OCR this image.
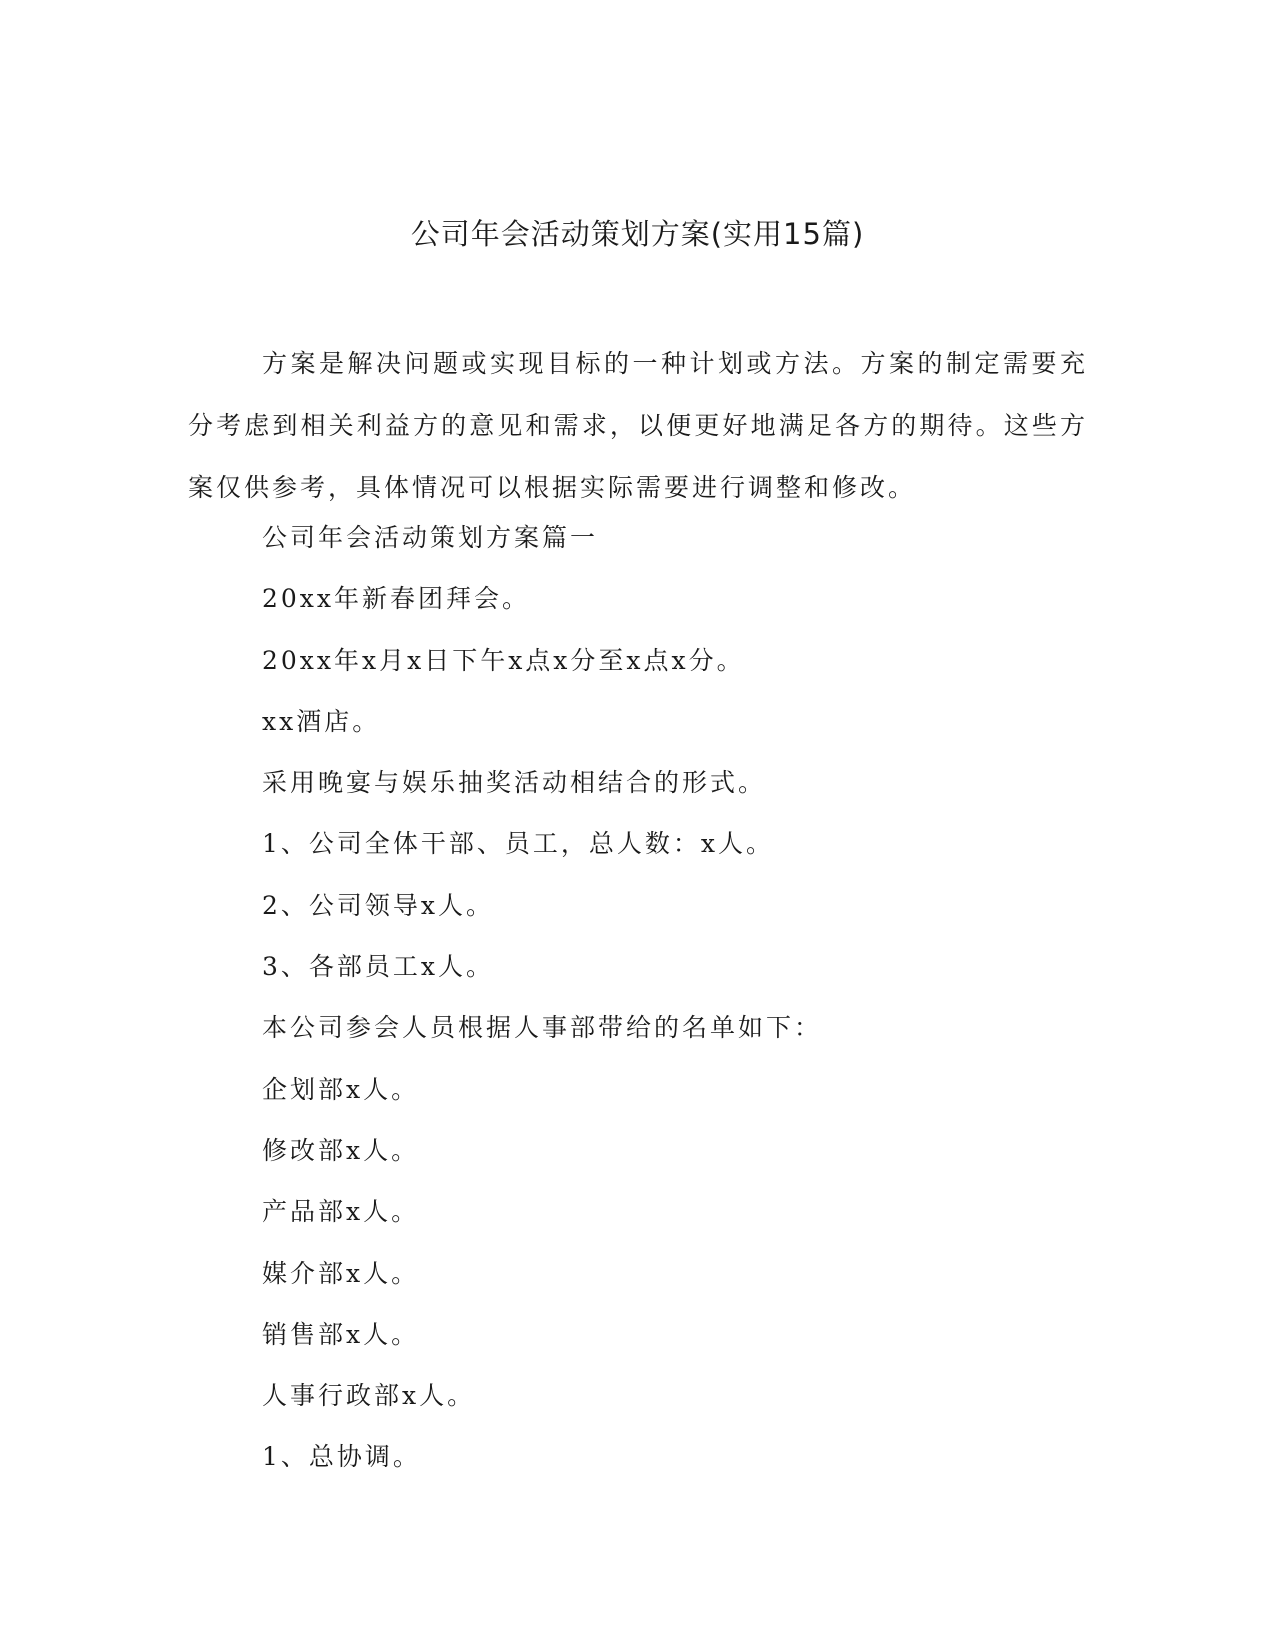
公司年会活动策划方案(实用15篇)

方案是解决问题或实现目标的一种计划或方法。方案的制定需要充分考虑到相关利益方的意见和需求，以便更好地满足各方的期待。这些方案仅供参考，具体情况可以根据实际需要进行调整和修改。

公司年会活动策划方案篇一
20xx年新春团拜会。
20xx年x月x日下午x点x分至x点x分。
xx酒店。
采用晚宴与娱乐抽奖活动相结合的形式。
1、公司全体干部、员工，总人数：x人。
2、公司领导x人。
3、各部员工x人。
本公司参会人员根据人事部带给的名单如下：
企划部x人。
修改部x人。
产品部x人。
媒介部x人。
销售部x人。
人事行政部x人。
1、总协调。
